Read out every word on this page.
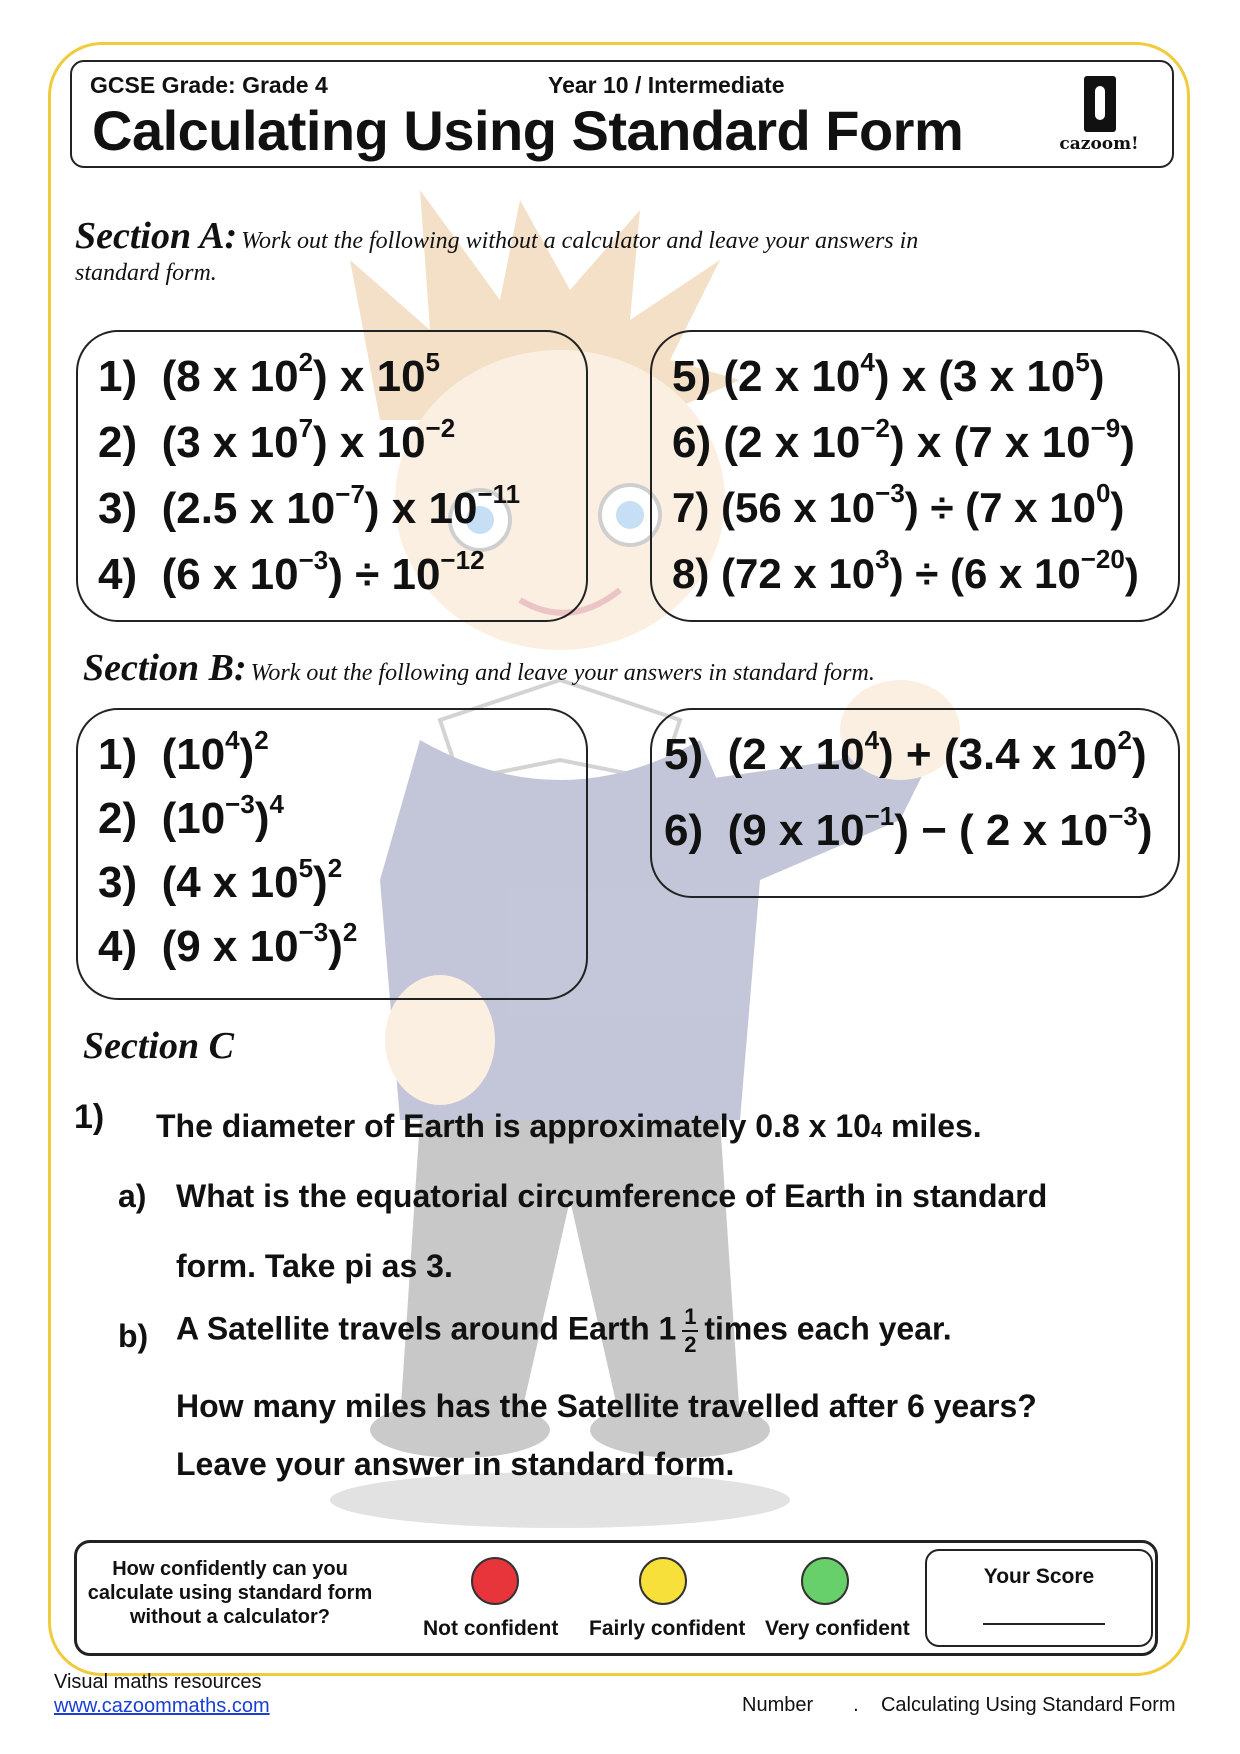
GCSE Grade: Grade 4	Year 10 / Intermediate
Calculating Using Standard Form	cazoom!
Section A: Work out the following without a calculator and leave your answers in
standard form.
1)  (8 x $10^2$) x $10^5$
2)  (3 x $10^7$) x $10^{-2}$
3)  (2.5 x $10^{-7}$) x $10^{-11}$
4)  (6 x $10^{-3}) \div 10^{-12}$
5) (2 x $10^4$) x (3 x $10^5$)
6) (2 x $10^{-2}$) x (7 x $10^{-9}$)
7) (56 x $10^{-3}) \div (7$ x $10^0$)
8) (72 x $10^3) \div (6$ x $10^{-20}$)
Section B: Work out the following and leave your answers in standard form.
1)  $(10^4)^2$
2)  $(10^{-3})^4$
3)  (4 x $10^5)^2$
4)  (9 x $10^{-3})^2$
5)  (2 x $10^4) + (3.4$ x $10^2$)
6)  (9 x $10^{-1}$) − ( 2 x $10^{-3}$)
Section C
1) The diameter of Earth is approximately 0.8 x 104 miles.
a) What is the equatorial circumference of Earth in standard
form. Take pi as 3.
b) A Satellite travels around Earth $1 \frac{1}{2}$ times each year.
How many miles has the Satellite travelled after 6 years?
Leave your answer in standard form.
How confidently can you calculate using standard form without a calculator?	Not confident Fairly confident Very confident
Your Score
Visual maths resources
www.cazoommaths.com	Number . Calculating Using Standard Form
